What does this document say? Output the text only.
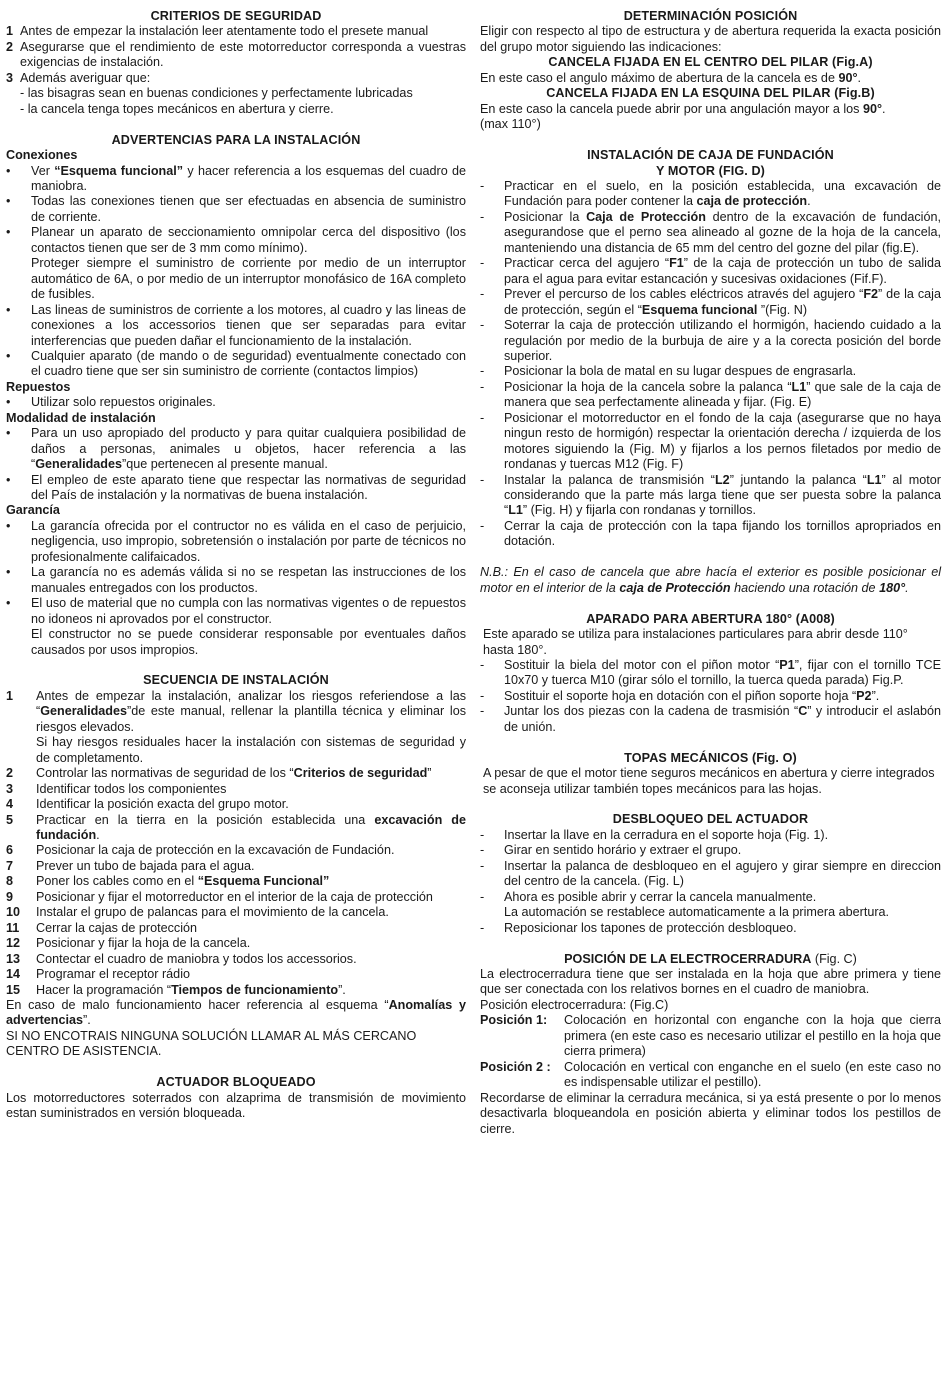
CRITERIOS DE SEGURIDAD
1 Antes de empezar la instalación leer atentamente todo el presete manual
2 Asegurarse que el rendimiento de este motorreductor corresponda a vuestras exigencias de instalación.
3 Además averiguar que:

- las bisagras sean en buenas condiciones y perfectamente lubricadas

- la cancela tenga topes mecánicos en abertura y cierre.

ADVERTENCIAS PARA LA INSTALACIÓN
Conexiones
•	Ver “Esquema funcional” y hacer referencia a los esquemas del cuadro de maniobra.
•	Todas las conexiones tienen que ser efectuadas en absencia de suministro de corriente.
•	Planear un aparato de seccionamiento omnipolar cerca del dispositivo (los contactos tienen que ser de 3 mm como mínimo).

Proteger siempre el suministro de corriente por medio de un interruptor automático de 6A, o por medio de un interruptor monofásico de 16A completo de fusibles.

•	Las lineas de suministros de corriente a los motores, al cuadro y las lineas de conexiones a los accessorios tienen que ser separadas para evitar interferencias que pueden dañar el funcionamiento de la instalación.
•	Cualquier aparato (de mando o de seguridad) eventualmente conectado con el cuadro tiene que ser sin suministro de corriente (contactos limpios)
Repuestos
•	Utilizar solo repuestos originales.
Modalidad de instalación
•	Para un uso apropiado del producto y para quitar cualquiera posibilidad de daños a personas, animales u objetos, hacer referencia a las “Generalidades”que pertenecen al presente manual.
•	El empleo de este aparato tiene que respectar las normativas de seguridad del País de instalación y la normativas de buena instalación.
Garancía
•	La garancía ofrecida por el contructor no es válida en el caso de perjuicio, negligencia, uso impropio, sobretensión o instalación por parte de técnicos no profesionalmente califaicados.
•	La garancía no es además válida si no se respetan las instrucciones de los manuales entregados con los productos.
•	El uso de material que no cumpla con las normativas vigentes o de repuestos no idoneos ni aprovados por el constructor.

El constructor no se puede considerar responsable por eventuales daños causados por usos impropios.

SECUENCIA DE INSTALACIÓN
1	Antes de empezar la instalación, analizar los riesgos referiendose a las “Generalidades”de este manual, rellenar la plantilla técnica y eliminar los riesgos elevados.

Si hay riesgos residuales hacer la instalación con sistemas de seguridad y de completamento.

2	Controlar las normativas de seguridad de los “Criterios de seguridad”
3	Identificar todos los componientes
4	Identificar la posición exacta del grupo motor.
5	Practicar en la tierra en la posición establecida una excavación de fundación.
6	Posicionar la caja de protección en la excavación de Fundación.
7	Prever un tubo de bajada para el agua.
8	Poner los cables como en el “Esquema Funcional”
9	Posicionar y fijar el motorreductor en el interior de la caja de protección
10	Instalar el grupo de palancas para el movimiento de la cancela.
11	Cerrar la cajas de protección
12	Posicionar y fijar la hoja de la cancela.
13	Contectar el cuadro de maniobra y todos los accessorios.
14	Programar el receptor rádio
15	Hacer la programación “Tiempos de funcionamiento”.

En caso de malo funcionamiento hacer referencia al esquema “Anomalías y advertencias”.

SI NO ENCOTRAIS NINGUNA SOLUCIÓN LLAMAR AL MÁS CERCANO CENTRO DE ASISTENCIA.

ACTUADOR BLOQUEADO

Los motorreductores soterrados con alzaprima de transmisión de movimiento estan suministrados en versión bloqueada.

DETERMINACIÓN POSICIÓN

Eligir con respecto al tipo de estructura y de abertura requerida la exacta posición del grupo motor siguiendo las indicaciones:

CANCELA FIJADA EN EL CENTRO DEL PILAR (Fig.A)

En este caso el angulo máximo de abertura de la cancela es de 90°.

CANCELA FIJADA EN LA ESQUINA DEL PILAR (Fig.B)

En este caso la cancela puede abrir por una angulación mayor a los 90°.

(max 110°)

INSTALACIÓN DE CAJA DE FUNDACIÓN
Y MOTOR (FIG. D)
-	Practicar en el suelo, en la posición establecida, una excavación de Fundación para poder contener la caja de protección.
-	Posicionar la Caja de Protección dentro de la excavación de fundación, asegurandose que el perno sea alineado al gozne de la hoja de la cancela, manteniendo una distancia de 65 mm del centro del gozne del pilar (fig.E).
-	Practicar cerca del agujero “F1” de la caja de protección un tubo de salida para el agua para evitar estancación y sucesivas oxidaciones (Fif.F).
-	Prever el percurso de los cables eléctricos através del agujero “F2” de la caja de protección, según el “Esquema funcional ”(Fig. N)
-	Soterrar la caja de protección utilizando el hormigón, haciendo cuidado a la regulación por medio de la burbuja de aire y a la corecta posición del borde superior.
-	Posicionar la bola de matal en su lugar despues de engrasarla.
-	Posicionar la hoja de la cancela sobre la palanca “L1” que sale de la caja de manera que sea perfectamente alineada y fijar. (Fig. E)
-	Posicionar el motorreductor en el fondo de la caja (asegurarse que no haya ningun resto de hormigón) respectar la orientación derecha / izquierda de los motores siguiendo la (Fig. M) y fijarlos a los pernos filetados por medio de rondanas y tuercas M12 (Fig. F)
-	Instalar la palanca de transmisión “L2” juntando la palanca “L1” al motor considerando que la parte más larga tiene que ser puesta sobre la palanca “L1” (Fig. H) y fijarla con rondanas y tornillos.
-	Cerrar la caja de protección con la tapa fijando los tornillos apropriados en dotación.

N.B.: En el caso de cancela que abre hacía el exterior es posible posicionar el motor en el interior de la caja de Protección haciendo una rotación de 180°.

APARADO PARA ABERTURA 180° (A008)

Este aparado se utiliza para instalaciones particulares para abrir desde 110° hasta 180°.

-	Sostituir la biela del motor con el piñon motor “P1”, fijar con el tornillo TCE 10x70 y tuerca M10 (girar sólo el tornillo, la tuerca queda parada) Fig.P.
-	Sostituir el soporte hoja en dotación con el piñon soporte hoja “P2”.
-	Juntar los dos piezas con la cadena de trasmisión “C” y introducir el aslabón de unión.
TOPAS MECÁNICOS (Fig. O)

A pesar de que el motor tiene seguros mecánicos en abertura y cierre integrados se aconseja utilizar también topes mecánicos para las hojas.

DESBLOQUEO DEL ACTUADOR
-	Insertar la llave en la cerradura en el soporte hoja (Fig. 1).
-	Girar en sentido horário y extraer el grupo.
-	Insertar la palanca de desbloqueo en el agujero y girar siempre en direccion del centro de la cancela. (Fig. L)
-	Ahora es posible abrir y cerrar la cancela manualmente.

La automación se restablece automaticamente a la primera abertura.

-	Reposicionar los tapones de protección desbloqueo.
POSICIÓN DE LA ELECTROCERRADURA (Fig. C)

La electrocerradura tiene que ser instalada en la hoja que abre primera y tiene que ser conectada con los relativos bornes en el cuadro de maniobra.

Posición electrocerradura: (Fig.C)

Posición 1:	Colocación en horizontal con enganche con la hoja que cierra primera (en este caso es necesario utilizar el pestillo en la hoja que cierra primera)
Posición 2 :	Colocación en vertical con enganche en el suelo (en este caso no es indispensable utilizar el pestillo).

Recordarse de eliminar la cerradura mecánica, si ya está presente o por lo menos desactivarla bloqueandola en posición abierta y eliminar todos los pestillos de cierre.
